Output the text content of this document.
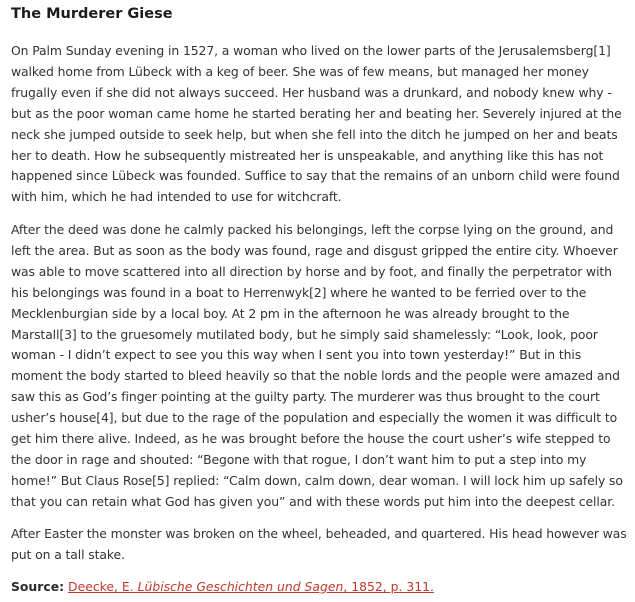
The Murderer Giese
On Palm Sunday evening in 1527, a woman who lived on the lower parts of the Jerusalemsberg[1]
walked home from Lübeck with a keg of beer. She was of few means, but managed her money
frugally even if she did not always succeed. Her husband was a drunkard, and nobody knew why -
but as the poor woman came home he started berating her and beating her. Severely injured at the
neck she jumped outside to seek help, but when she fell into the ditch he jumped on her and beats
her to death. How he subsequently mistreated her is unspeakable, and anything like this has not
happened since Lübeck was founded. Suffice to say that the remains of an unborn child were found
with him, which he had intended to use for witchcraft.
After the deed was done he calmly packed his belongings, left the corpse lying on the ground, and
left the area. But as soon as the body was found, rage and disgust gripped the entire city. Whoever
was able to move scattered into all direction by horse and by foot, and finally the perpetrator with
his belongings was found in a boat to Herrenwyk[2] where he wanted to be ferried over to the
Mecklenburgian side by a local boy. At 2 pm in the afternoon he was already brought to the
Marstall[3] to the gruesomely mutilated body, but he simply said shamelessly: “Look, look, poor
woman - I didn’t expect to see you this way when I sent you into town yesterday!” But in this
moment the body started to bleed heavily so that the noble lords and the people were amazed and
saw this as God’s finger pointing at the guilty party. The murderer was thus brought to the court
usher’s house[4], but due to the rage of the population and especially the women it was difficult to
get him there alive. Indeed, as he was brought before the house the court usher’s wife stepped to
the door in rage and shouted: “Begone with that rogue, I don’t want him to put a step into my
home!” But Claus Rose[5] replied: “Calm down, calm down, dear woman. I will lock him up safely so
that you can retain what God has given you” and with these words put him into the deepest cellar.
After Easter the monster was broken on the wheel, beheaded, and quartered. His head however was
put on a tall stake.
Source: Deecke, E. Lübische Geschichten und Sagen, 1852, p. 311.
